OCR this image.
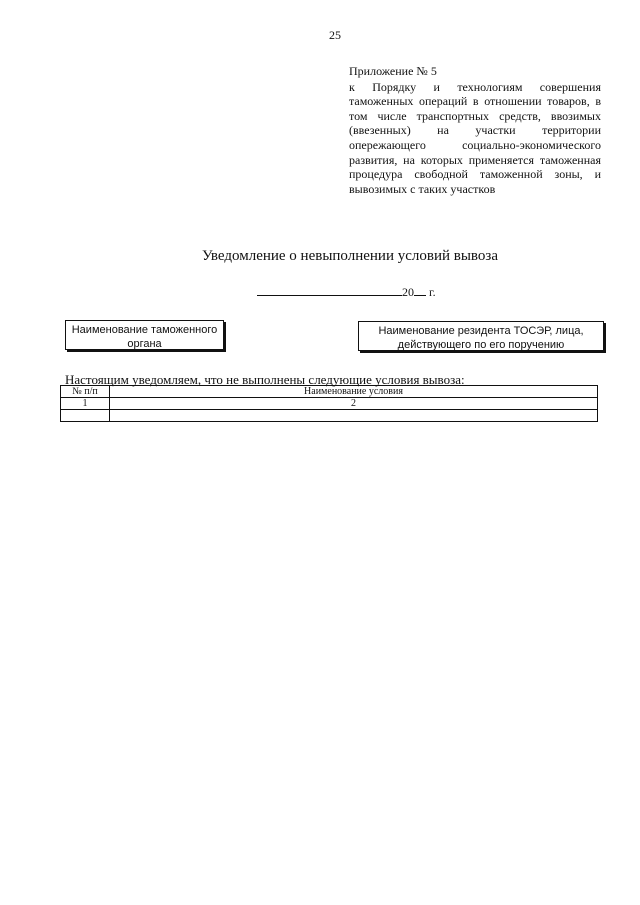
25
Приложение № 5
к Порядку и технологиям совершения таможенных операций в отношении товаров, в том числе транспортных средств, ввозимых (ввезенных) на участки территории опережающего социально-экономического развития, на которых применяется таможенная процедура свободной таможенной зоны, и вывозимых с таких участков
Уведомление о невыполнении условий вывоза
20 г.
Наименование таможенного органа
Наименование резидента ТОСЭР, лица, действующего по его поручению
Настоящим уведомляем, что не выполнены следующие условия вывоза:
№ п/п	Наименование условия
1	2
